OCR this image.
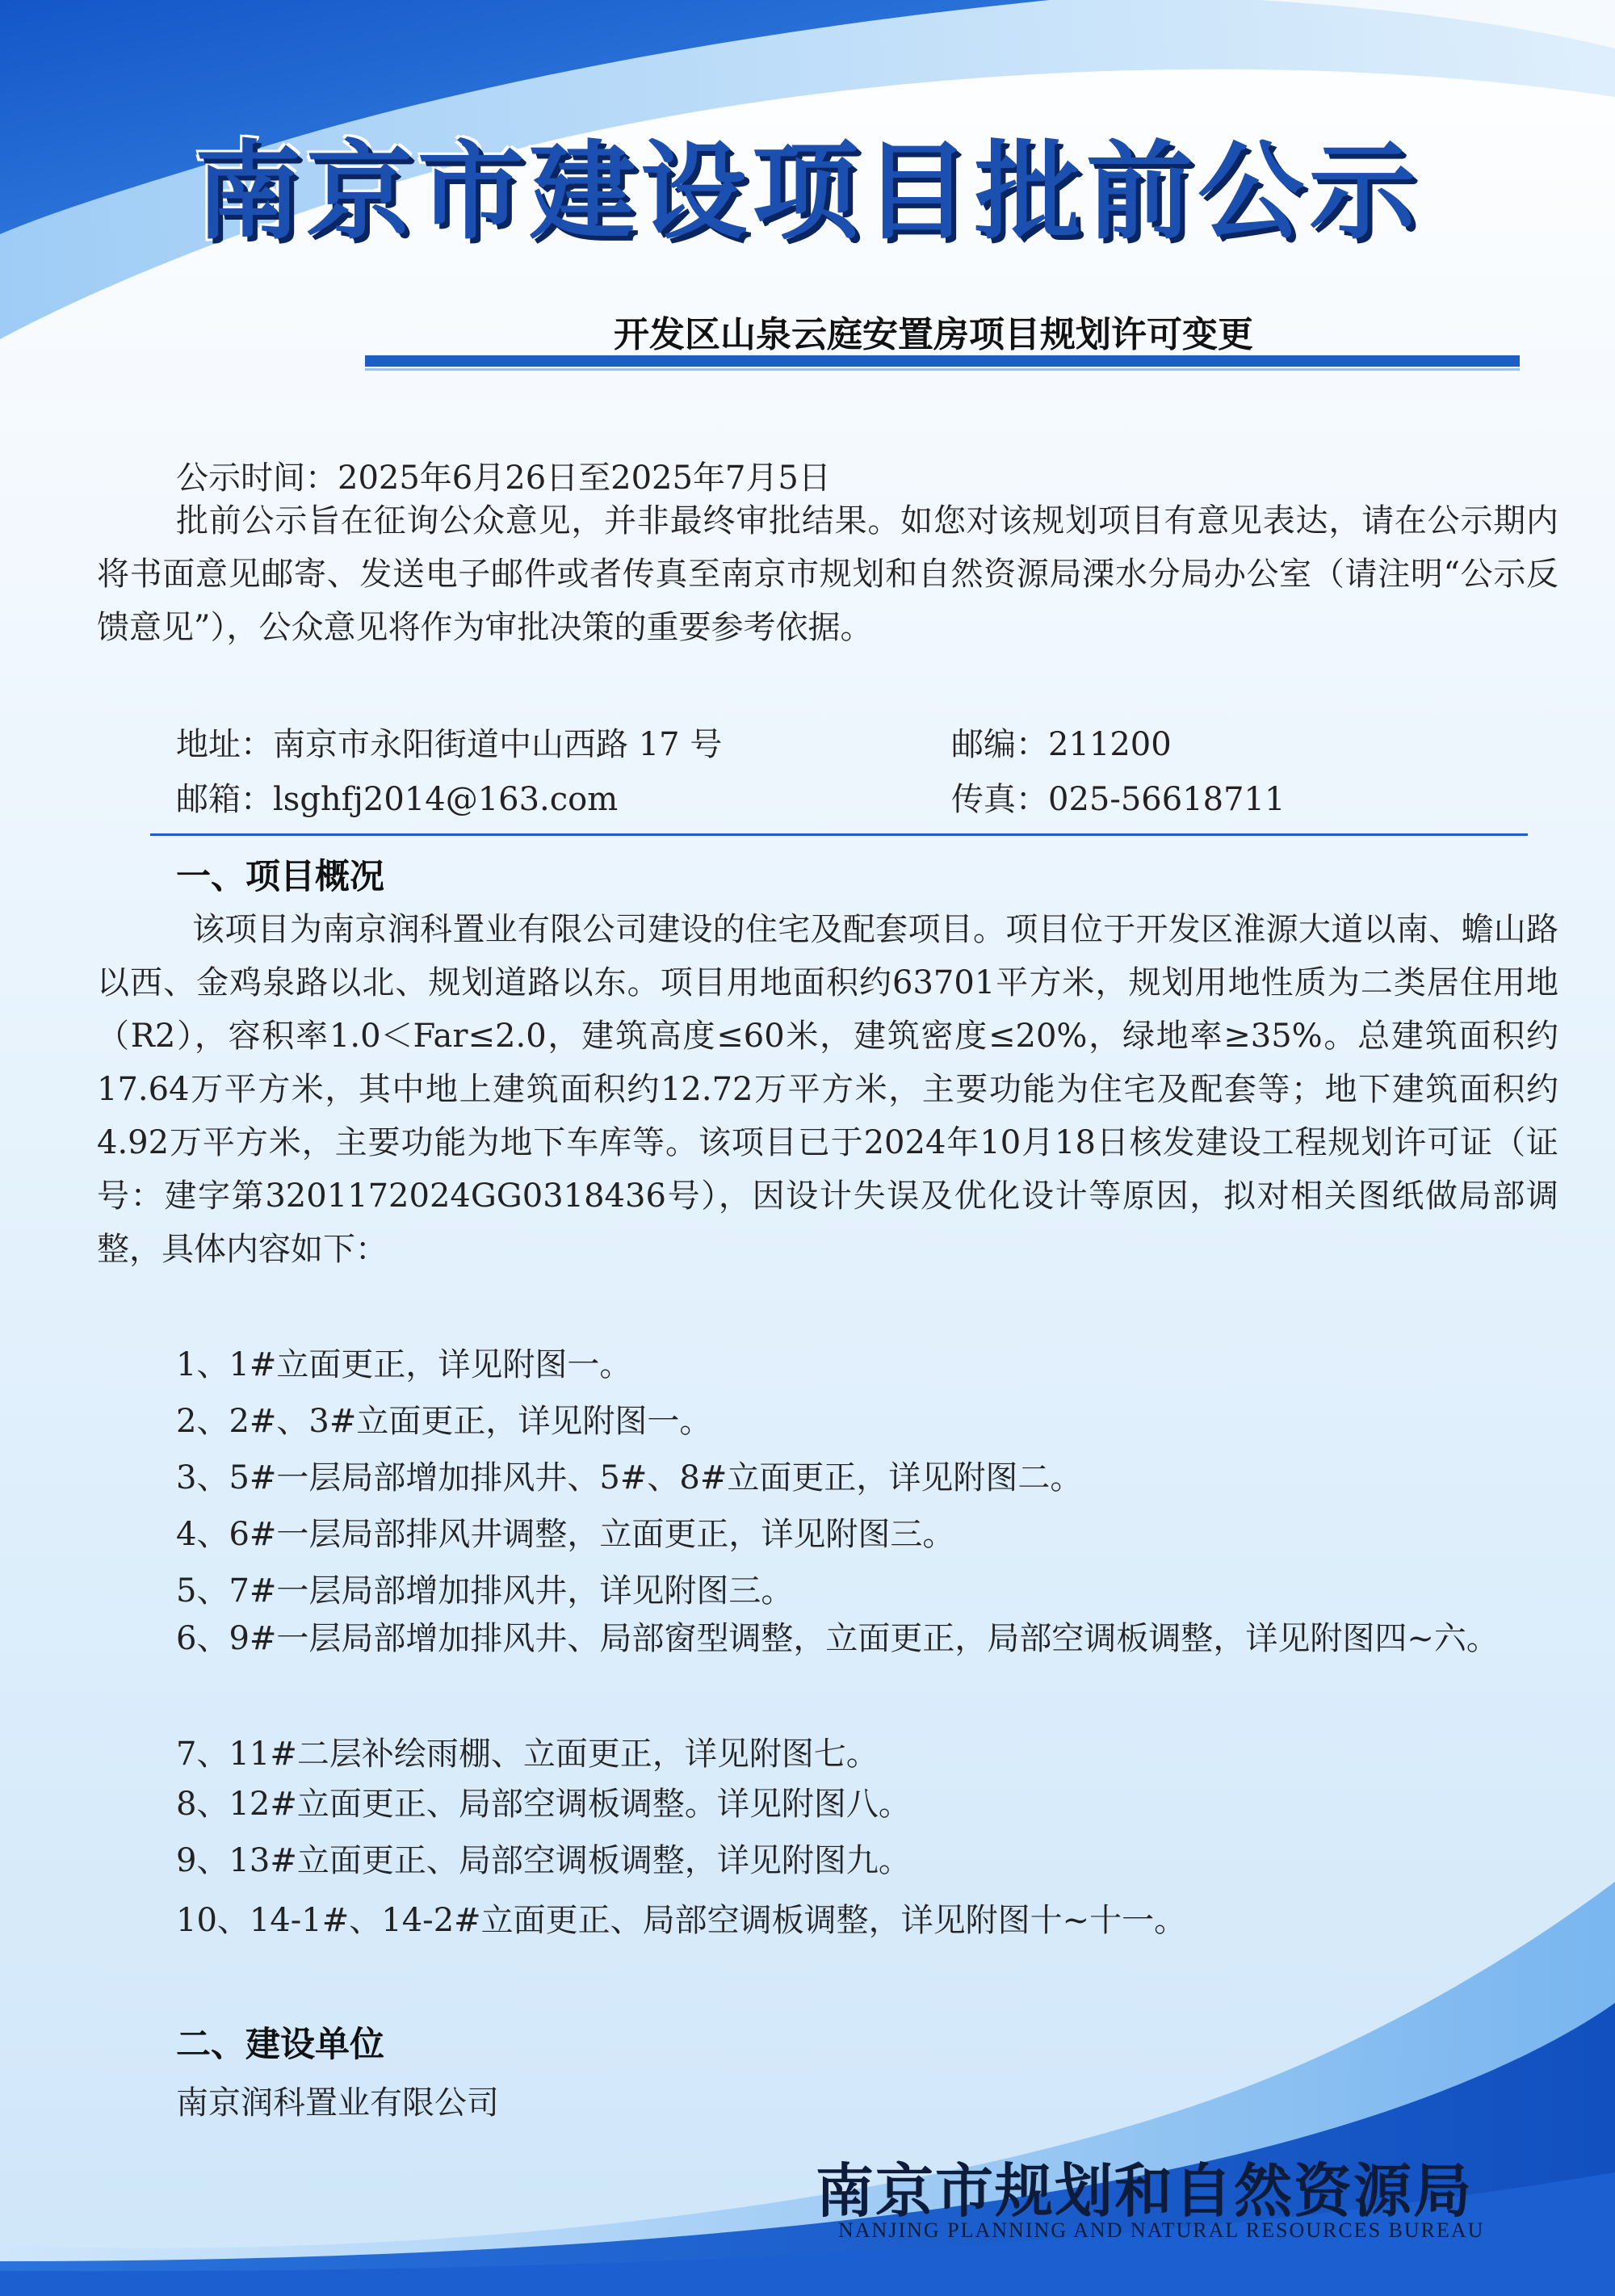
南京市建设项目批前公示
开发区山泉云庭安置房项目规划许可变更
公示时间：2025年6月26日至2025年7月5日
批前公示旨在征询公众意见，并非最终审批结果。如您对该规划项目有意见表达，请在公示期内将书面意见邮寄、发送电子邮件或者传真至南京市规划和自然资源局溧水分局办公室（请注明“公示反馈意见”），公众意见将作为审批决策的重要参考依据。
地址：南京市永阳街道中山西路 17 号	邮编：211200
邮箱：lsghfj2014@163.com	传真：025-56618711
一、项目概况
该项目为南京润科置业有限公司建设的住宅及配套项目。项目位于开发区淮源大道以南、蟾山路以西、金鸡泉路以北、规划道路以东。项目用地面积约63701平方米，规划用地性质为二类居住用地（R2），容积率1.0＜Far≤2.0，建筑高度≤60米，建筑密度≤20%，绿地率≥35%。总建筑面积约17.64万平方米，其中地上建筑面积约12.72万平方米，主要功能为住宅及配套等；地下建筑面积约4.92万平方米，主要功能为地下车库等。该项目已于2024年10月18日核发建设工程规划许可证（证号：建字第3201172024GG0318436号），因设计失误及优化设计等原因，拟对相关图纸做局部调整，具体内容如下：
1、1#立面更正，详见附图一。
2、2#、3#立面更正，详见附图一。
3、5#一层局部增加排风井、5#、8#立面更正，详见附图二。
4、6#一层局部排风井调整，立面更正，详见附图三。
5、7#一层局部增加排风井，详见附图三。
6、9#一层局部增加排风井、局部窗型调整，立面更正，局部空调板调整，详见附图四~六。
7、11#二层补绘雨棚、立面更正，详见附图七。
8、12#立面更正、局部空调板调整。详见附图八。
9、13#立面更正、局部空调板调整，详见附图九。
10、14-1#、14-2#立面更正、局部空调板调整，详见附图十~十一。
二、建设单位
南京润科置业有限公司
南京市规划和自然资源局
NANJING PLANNING AND NATURAL RESOURCES BUREAU
